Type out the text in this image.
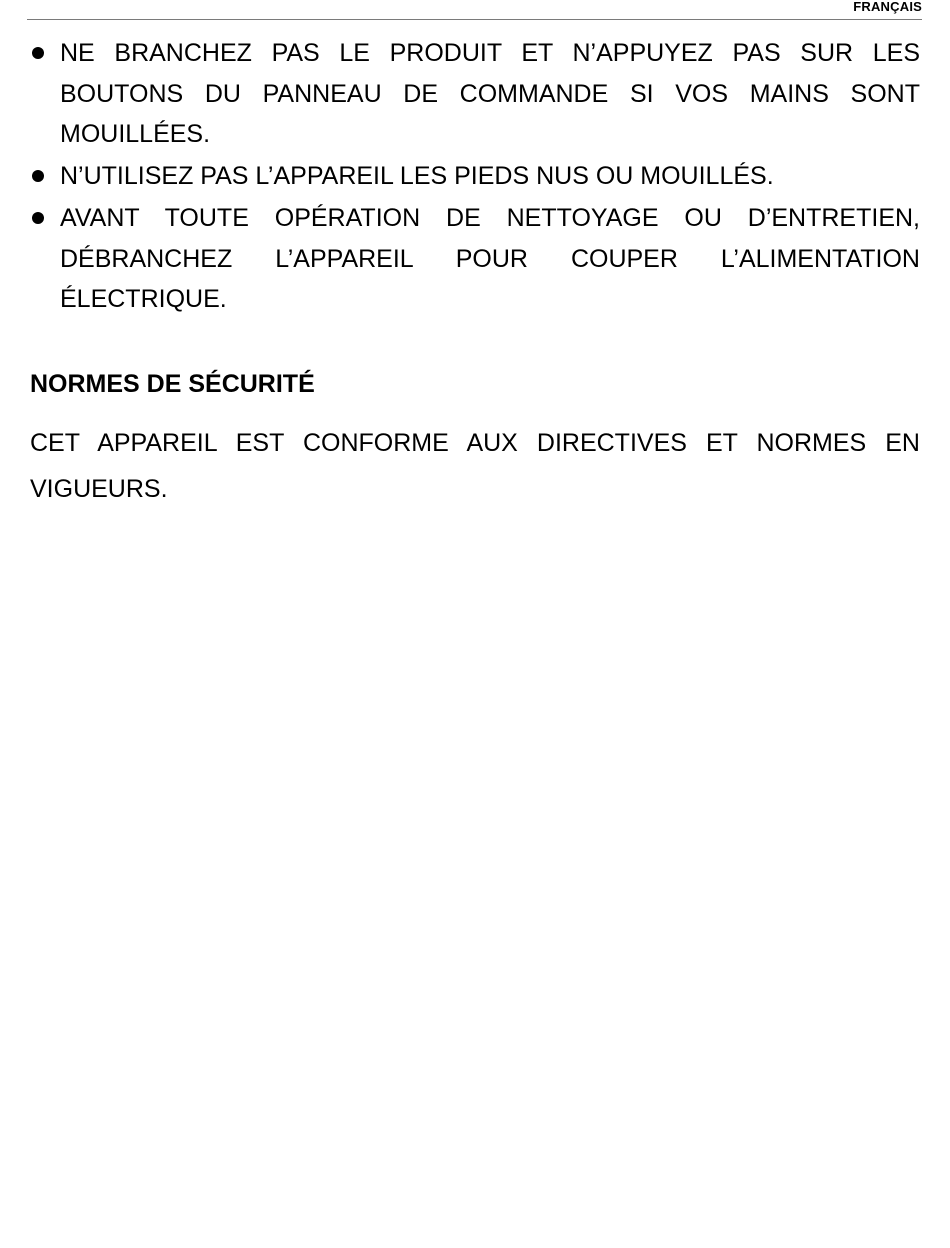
FRANÇAIS
NE BRANCHEZ PAS LE PRODUIT ET N’APPUYEZ PAS SUR LES BOUTONS DU PANNEAU DE COMMANDE SI VOS MAINS SONT MOUILLÉES.
N’UTILISEZ PAS L’APPAREIL LES PIEDS NUS OU MOUILLÉS.
AVANT TOUTE OPÉRATION DE NETTOYAGE OU D’ENTRETIEN, DÉBRANCHEZ L’APPAREIL POUR COUPER L’ALIMENTATION ÉLECTRIQUE.
NORMES DE SÉCURITÉ

CET APPAREIL EST CONFORME AUX DIRECTIVES ET NORMES EN VIGUEURS.
